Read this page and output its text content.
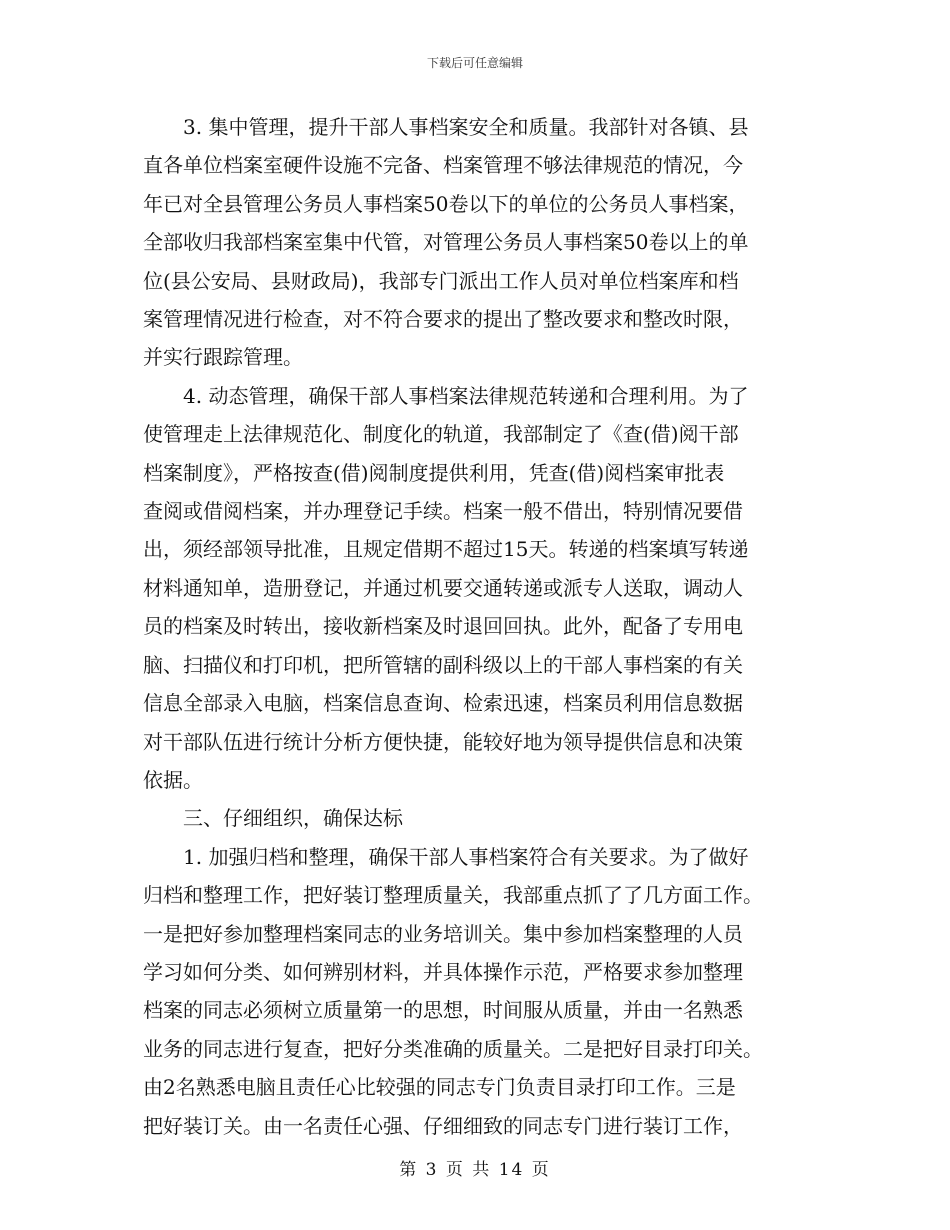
下载后可任意编辑
3. 集中管理，提升干部人事档案安全和质量。我部针对各镇、县
直各单位档案室硬件设施不完备、档案管理不够法律规范的情况，今
年已对全县管理公务员人事档案50卷以下的单位的公务员人事档案，
全部收归我部档案室集中代管，对管理公务员人事档案50卷以上的单
位(县公安局、县财政局)，我部专门派出工作人员对单位档案库和档
案管理情况进行检查，对不符合要求的提出了整改要求和整改时限，
并实行跟踪管理。
4. 动态管理，确保干部人事档案法律规范转递和合理利用。为了
使管理走上法律规范化、制度化的轨道，我部制定了《查(借)阅干部
档案制度》，严格按查(借)阅制度提供利用，凭查(借)阅档案审批表
查阅或借阅档案，并办理登记手续。档案一般不借出，特别情况要借
出，须经部领导批准，且规定借期不超过15天。转递的档案填写转递
材料通知单，造册登记，并通过机要交通转递或派专人送取，调动人
员的档案及时转出，接收新档案及时退回回执。此外，配备了专用电
脑、扫描仪和打印机，把所管辖的副科级以上的干部人事档案的有关
信息全部录入电脑，档案信息查询、检索迅速，档案员利用信息数据
对干部队伍进行统计分析方便快捷，能较好地为领导提供信息和决策
依据。
三、仔细组织，确保达标
1. 加强归档和整理，确保干部人事档案符合有关要求。为了做好
归档和整理工作，把好装订整理质量关，我部重点抓了了几方面工作。
一是把好参加整理档案同志的业务培训关。集中参加档案整理的人员
学习如何分类、如何辨别材料，并具体操作示范，严格要求参加整理
档案的同志必须树立质量第一的思想，时间服从质量，并由一名熟悉
业务的同志进行复查，把好分类准确的质量关。二是把好目录打印关。
由2名熟悉电脑且责任心比较强的同志专门负责目录打印工作。三是
把好装订关。由一名责任心强、仔细细致的同志专门进行装订工作，
第 3 页 共 14 页
